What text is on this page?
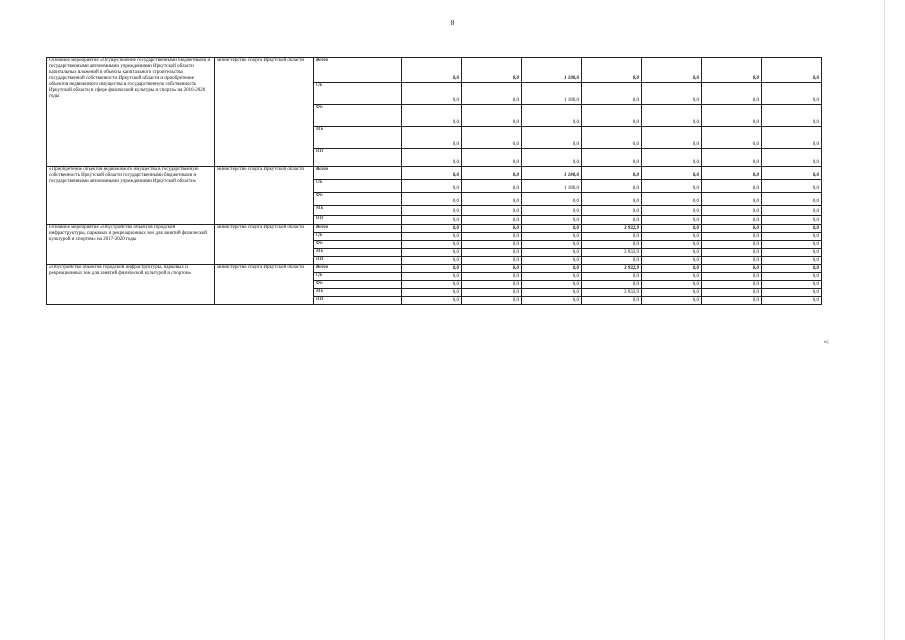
8
Основное мероприятие «Осуществление государственными бюджетными и государственными автономными учреждениями Иркутской области капитальных вложений в объекты капитального строительства государственной собственности Иркутской области и приобретение объектов недвижимого имущества в государственную собственность Иркутской области в сфере физической культуры и спорта» на 2016-2020 годы	министерство спорта Иркутской области	Всего	0,0	0,0	1 180,0	0,0	0,0	0,0	0,0
		ОБ	0,0	0,0	1 180,0	0,0	0,0	0,0	0,0
		ФБ	0,0	0,0	0,0	0,0	0,0	0,0	0,0
		МБ	0,0	0,0	0,0	0,0	0,0	0,0	0,0
		ИИ	0,0	0,0	0,0	0,0	0,0	0,0	0,0
«Приобретение объектов недвижимого имущества в государственную собственность Иркутской области государственными бюджетными и государственными автономными учреждениями Иркутской области»	министерство спорта Иркутской области	Всего	0,0	0,0	1 180,0	0,0	0,0	0,0	0,0
		ОБ	0,0	0,0	1 180,0	0,0	0,0	0,0	0,0
		ФБ	0,0	0,0	0,0	0,0	0,0	0,0	0,0
		МБ	0,0	0,0	0,0	0,0	0,0	0,0	0,0
		ИИ	0,0	0,0	0,0	0,0	0,0	0,0	0,0
Основное мероприятие «Обустройство объектов городской инфраструктуры, парковых и рекреационных зон для занятий физической культурой и спортом» на 2017-2020 годы	министерство спорта Иркутской области	Всего	0,0	0,0	0,0	3 932,9	0,0	0,0	0,0
		ОБ	0,0	0,0	0,0	0,0	0,0	0,0	0,0
		ФБ	0,0	0,0	0,0	0,0	0,0	0,0	0,0
		МБ	0,0	0,0	0,0	3 932,9	0,0	0,0	0,0
		ИИ	0,0	0,0	0,0	0,0	0,0	0,0	0,0
«Обустройство объектов городской инфраструктуры, парковых и рекреационных зон для занятий физической культурой и спортом»	министерство спорта Иркутской области	Всего	0,0	0,0	0,0	3 932,9	0,0	0,0	0,0
		ОБ	0,0	0,0	0,0	0,0	0,0	0,0	0,0
		ФБ	0,0	0,0	0,0	0,0	0,0	0,0	0,0
		МБ	0,0	0,0	0,0	3 932,9	0,0	0,0	0,0
		ИИ	0,0	0,0	0,0	0,0	0,0	0,0	0,0
»;
